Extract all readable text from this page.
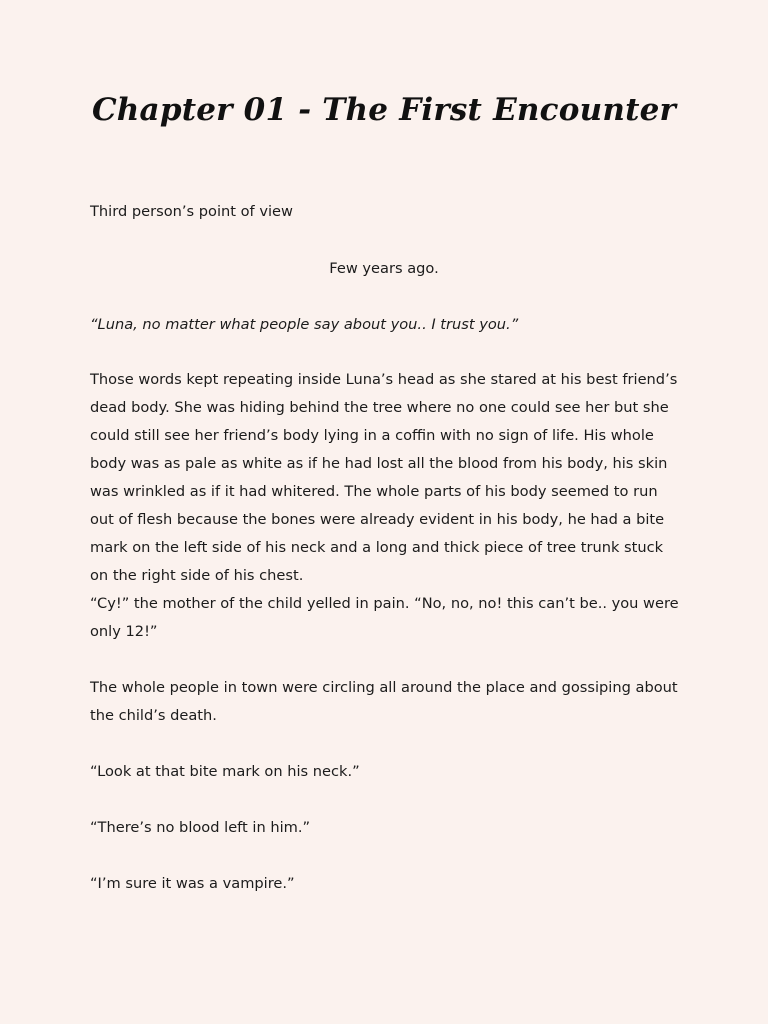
Chapter 01 - The First Encounter

Third person’s point of view

Few years ago.

“Luna, no matter what people say about you.. I trust you.”

Those words kept repeating inside Luna’s head as she stared at his best friend’s dead body. She was hiding behind the tree where no one could see her but she could still see her friend’s body lying in a coffin with no sign of life. His whole body was as pale as white as if he had lost all the blood from his body, his skin was wrinkled as if it had whitered. The whole parts of his body seemed to run out of flesh because the bones were already evident in his body, he had a bite mark on the left side of his neck and a long and thick piece of tree trunk stuck on the right side of his chest.

“Cy!” the mother of the child yelled in pain. “No, no, no! this can’t be.. you were only 12!”

The whole people in town were circling all around the place and gossiping about the child’s death.

“Look at that bite mark on his neck.”

“There’s no blood left in him.”

“I’m sure it was a vampire.”
